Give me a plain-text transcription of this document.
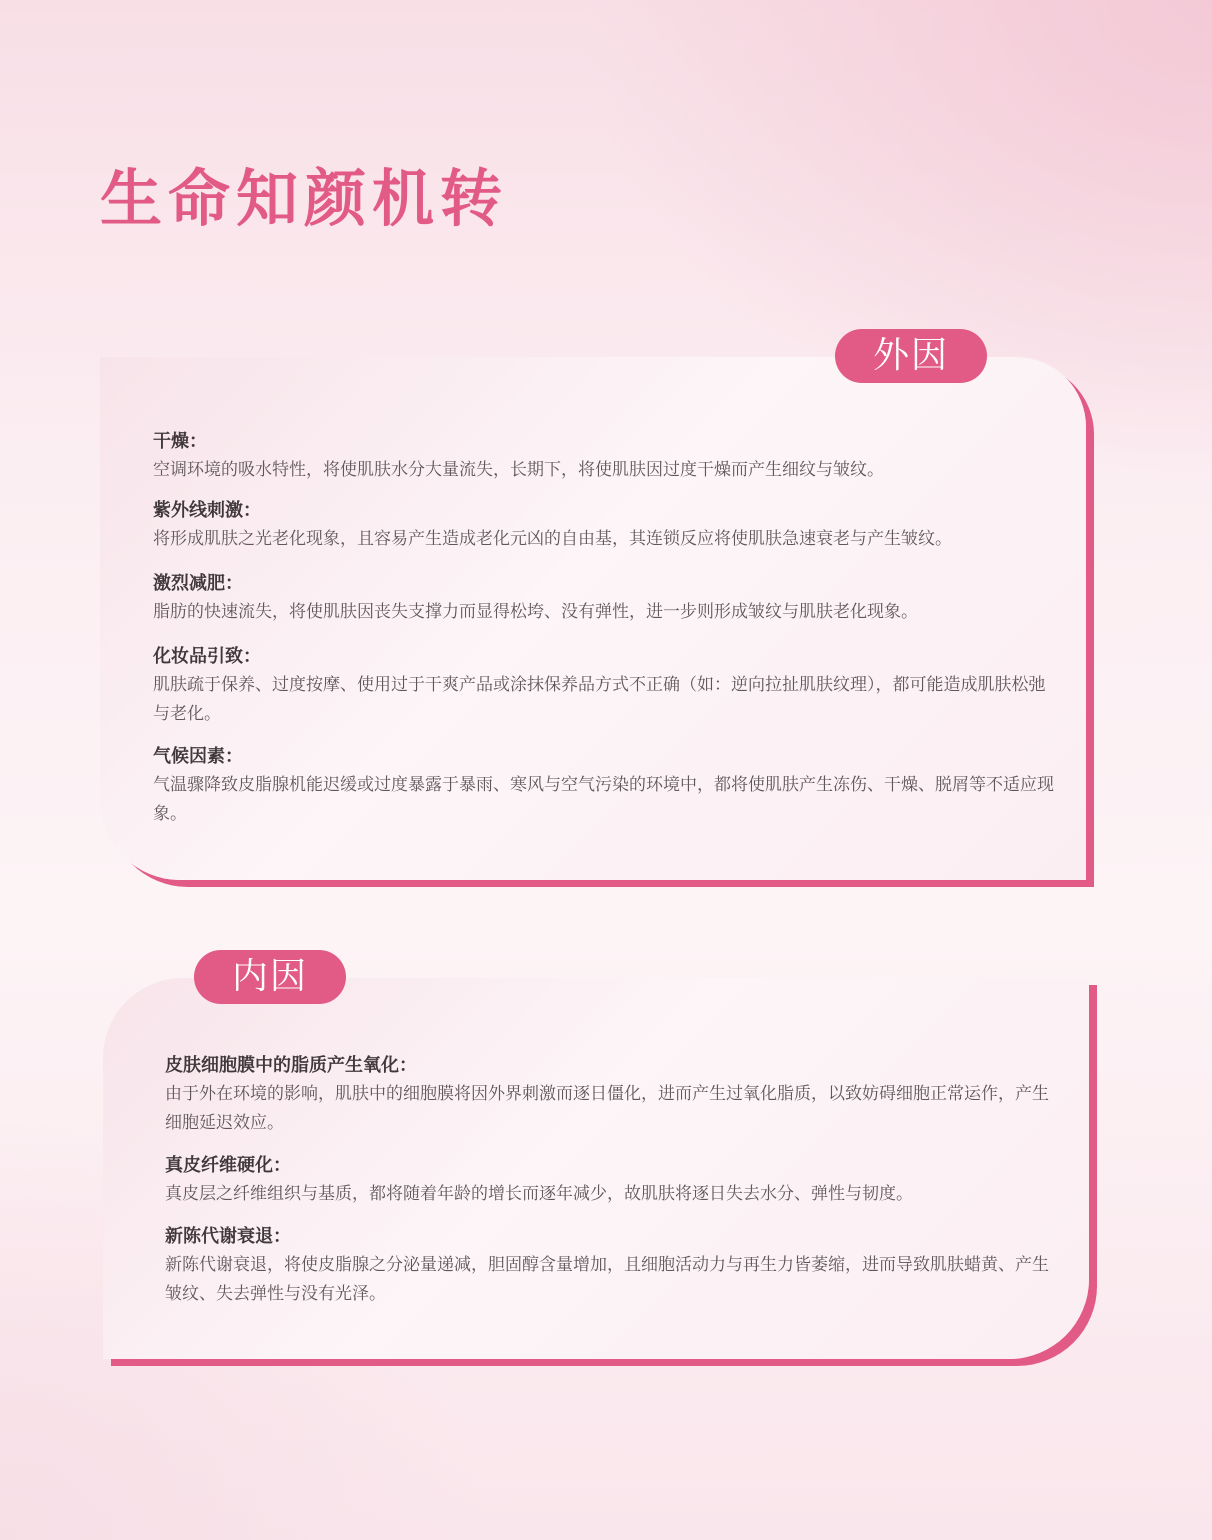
生命知颜机转
外因
干燥：
空调环境的吸水特性，将使肌肤水分大量流失，长期下，将使肌肤因过度干燥而产生细纹与皱纹。
紫外线刺激：
将形成肌肤之光老化现象，且容易产生造成老化元凶的自由基，其连锁反应将使肌肤急速衰老与产生皱纹。
激烈减肥：
脂肪的快速流失，将使肌肤因丧失支撑力而显得松垮、没有弹性，进一步则形成皱纹与肌肤老化现象。
化妆品引致：
肌肤疏于保养、过度按摩、使用过于干爽产品或涂抹保养品方式不正确（如：逆向拉扯肌肤纹理），都可能造成肌肤松弛与老化。
气候因素：
气温骤降致皮脂腺机能迟缓或过度暴露于暴雨、寒风与空气污染的环境中，都将使肌肤产生冻伤、干燥、脱屑等不适应现象。
内因
皮肤细胞膜中的脂质产生氧化：
由于外在环境的影响，肌肤中的细胞膜将因外界刺激而逐日僵化，进而产生过氧化脂质，以致妨碍细胞正常运作，产生细胞延迟效应。
真皮纤维硬化：
真皮层之纤维组织与基质，都将随着年龄的增长而逐年减少，故肌肤将逐日失去水分、弹性与韧度。
新陈代谢衰退：
新陈代谢衰退，将使皮脂腺之分泌量递减，胆固醇含量增加，且细胞活动力与再生力皆萎缩，进而导致肌肤蜡黄、产生皱纹、失去弹性与没有光泽。
